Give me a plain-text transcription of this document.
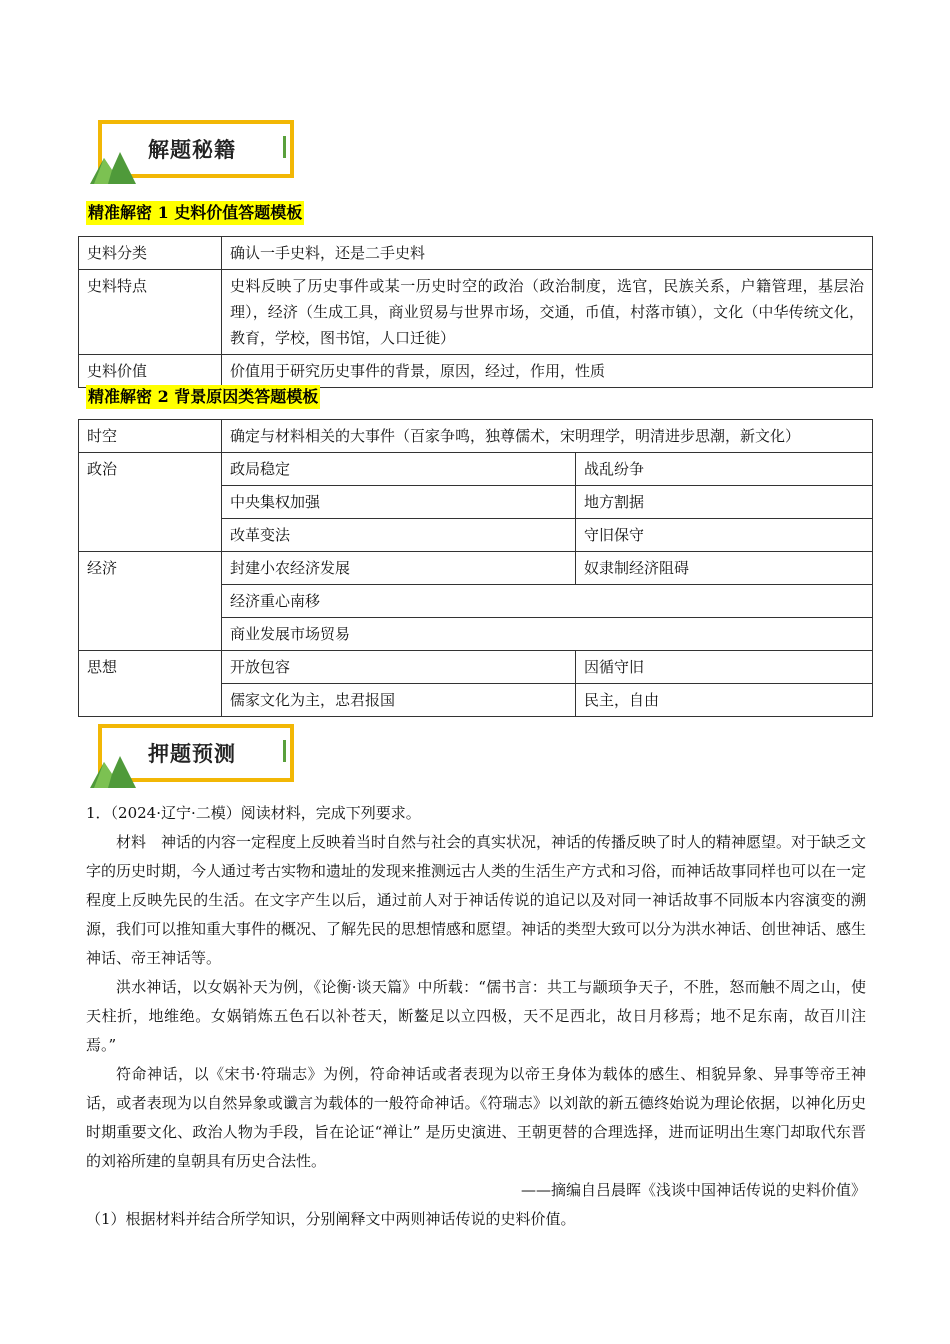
解题秘籍
精准解密 1 史料价值答题模板
史料分类	确认一手史料，还是二手史料
史料特点	史料反映了历史事件或某一历史时空的政治（政治制度，选官，民族关系，户籍管理，基层治理），经济（生成工具，商业贸易与世界市场，交通，币值，村落市镇），文化（中华传统文化，教育，学校，图书馆，人口迁徙）
史料价值	价值用于研究历史事件的背景，原因，经过，作用，性质
精准解密 2 背景原因类答题模板
时空	确定与材料相关的大事件（百家争鸣，独尊儒术，宋明理学，明清进步思潮，新文化）	
政治	政局稳定	战乱纷争
	中央集权加强	地方割据
	改革变法	守旧保守
经济	封建小农经济发展	奴隶制经济阻碍
	经济重心南移	
	商业发展市场贸易	
思想	开放包容	因循守旧
	儒家文化为主，忠君报国	民主，自由
押题预测

1．（2024·辽宁·二模）阅读材料，完成下列要求。

材料　神话的内容一定程度上反映着当时自然与社会的真实状况，神话的传播反映了时人的精神愿望。对于缺乏文字的历史时期，今人通过考古实物和遗址的发现来推测远古人类的生活生产方式和习俗，而神话故事同样也可以在一定程度上反映先民的生活。在文字产生以后，通过前人对于神话传说的追记以及对同一神话故事不同版本内容演变的溯源，我们可以推知重大事件的概况、了解先民的思想情感和愿望。神话的类型大致可以分为洪水神话、创世神话、感生神话、帝王神话等。

洪水神话，以女娲补天为例，《论衡·谈天篇》中所载：“儒书言：共工与颛顼争天子，不胜，怒而触不周之山，使天柱折，地维绝。女娲销炼五色石以补苍天，断鳌足以立四极，天不足西北，故日月移焉；地不足东南，故百川注焉。”

符命神话，以《宋书·符瑞志》为例，符命神话或者表现为以帝王身体为载体的感生、相貌异象、异事等帝王神话，或者表现为以自然异象或谶言为载体的一般符命神话。《符瑞志》以刘歆的新五德终始说为理论依据，以神化历史时期重要文化、政治人物为手段，旨在论证“禅让” 是历史演进、王朝更替的合理选择，进而证明出生寒门却取代东晋的刘裕所建的皇朝具有历史合法性。

——摘编自吕晨晖《浅谈中国神话传说的史料价值》

（1）根据材料并结合所学知识，分别阐释文中两则神话传说的史料价值。
